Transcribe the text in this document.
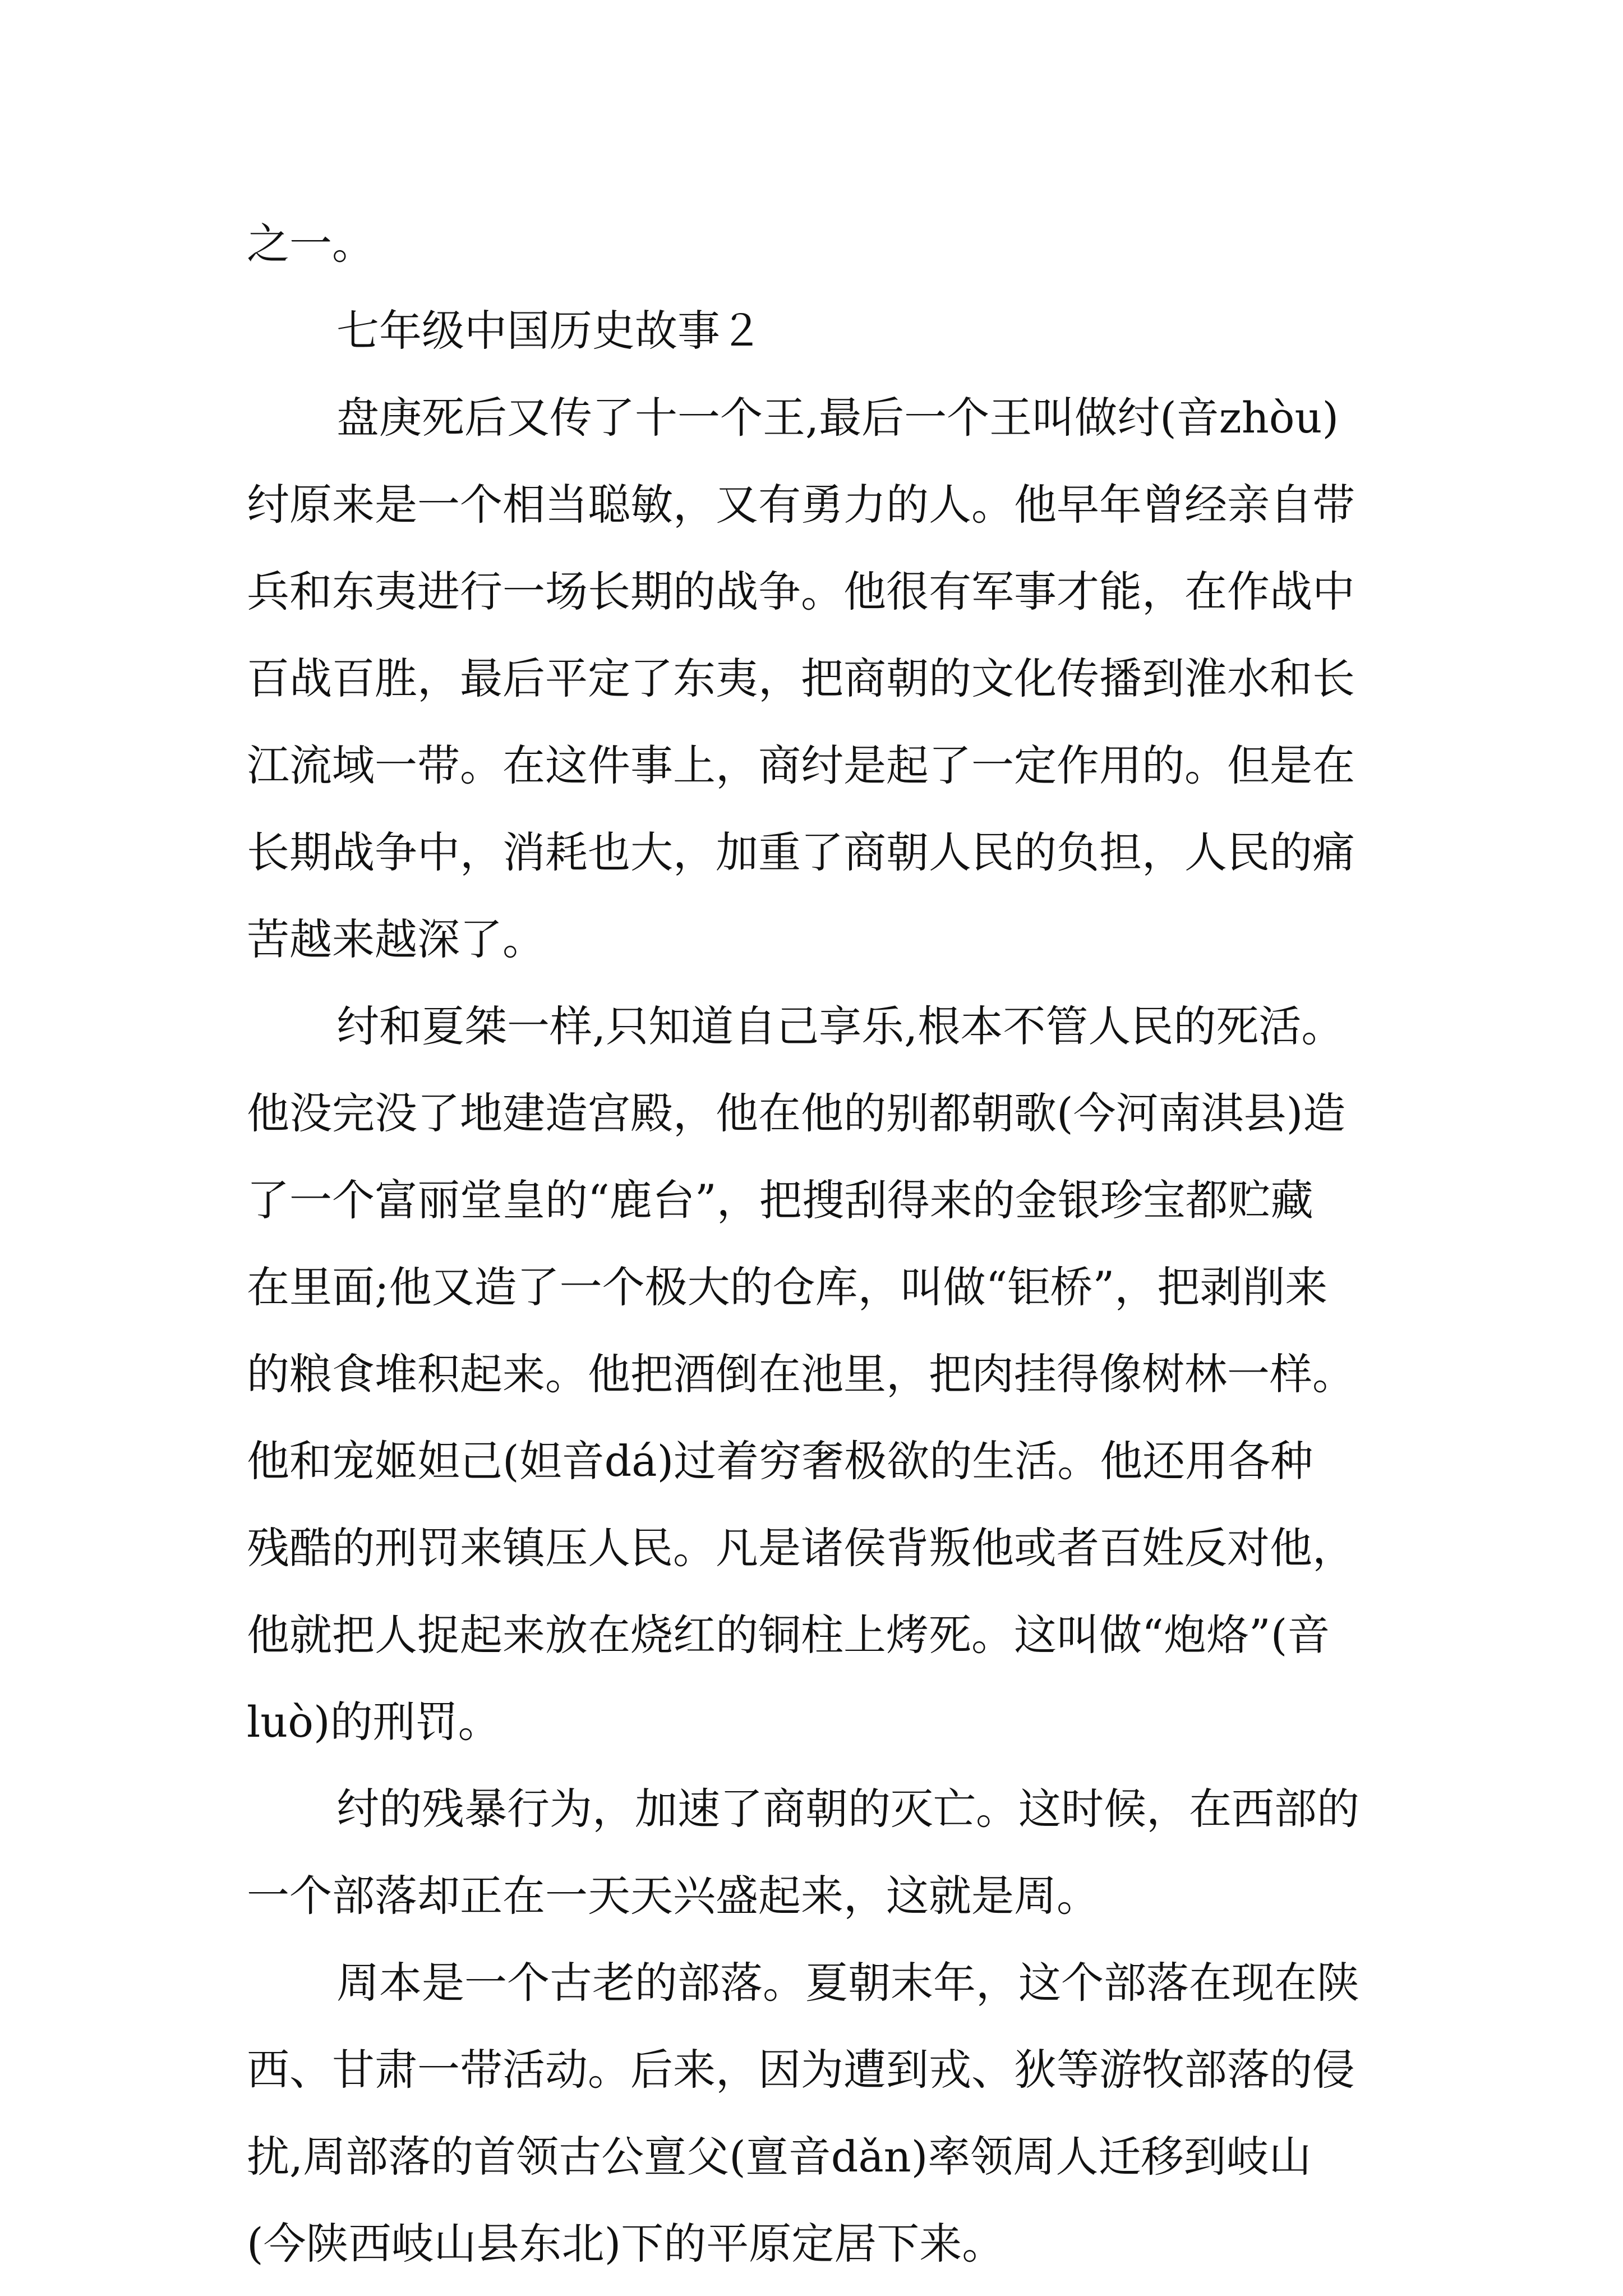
之一。
七年级中国历史故事２
盘庚死后又传了十一个王,最后一个王叫做纣(音zhòu)
纣原来是一个相当聪敏，又有勇力的人。他早年曾经亲自带
兵和东夷进行一场长期的战争。他很有军事才能，在作战中
百战百胜，最后平定了东夷，把商朝的文化传播到淮水和长
江流域一带。在这件事上，商纣是起了一定作用的。但是在
长期战争中，消耗也大，加重了商朝人民的负担，人民的痛
苦越来越深了。
纣和夏桀一样,只知道自己享乐,根本不管人民的死活。
他没完没了地建造宫殿，他在他的别都朝歌(今河南淇县)造
了一个富丽堂皇的“鹿台”，把搜刮得来的金银珍宝都贮藏
在里面;他又造了一个极大的仓库，叫做“钜桥”，把剥削来
的粮食堆积起来。他把酒倒在池里，把肉挂得像树林一样。
他和宠姬妲己(妲音dá)过着穷奢极欲的生活。他还用各种
残酷的刑罚来镇压人民。凡是诸侯背叛他或者百姓反对他，
他就把人捉起来放在烧红的铜柱上烤死。这叫做“炮烙”(音
luò)的刑罚。
纣的残暴行为，加速了商朝的灭亡。这时候，在西部的
一个部落却正在一天天兴盛起来，这就是周。
周本是一个古老的部落。夏朝末年，这个部落在现在陕
西、甘肃一带活动。后来，因为遭到戎、狄等游牧部落的侵
扰,周部落的首领古公亶父(亶音dǎn)率领周人迁移到岐山
(今陕西岐山县东北)下的平原定居下来。
